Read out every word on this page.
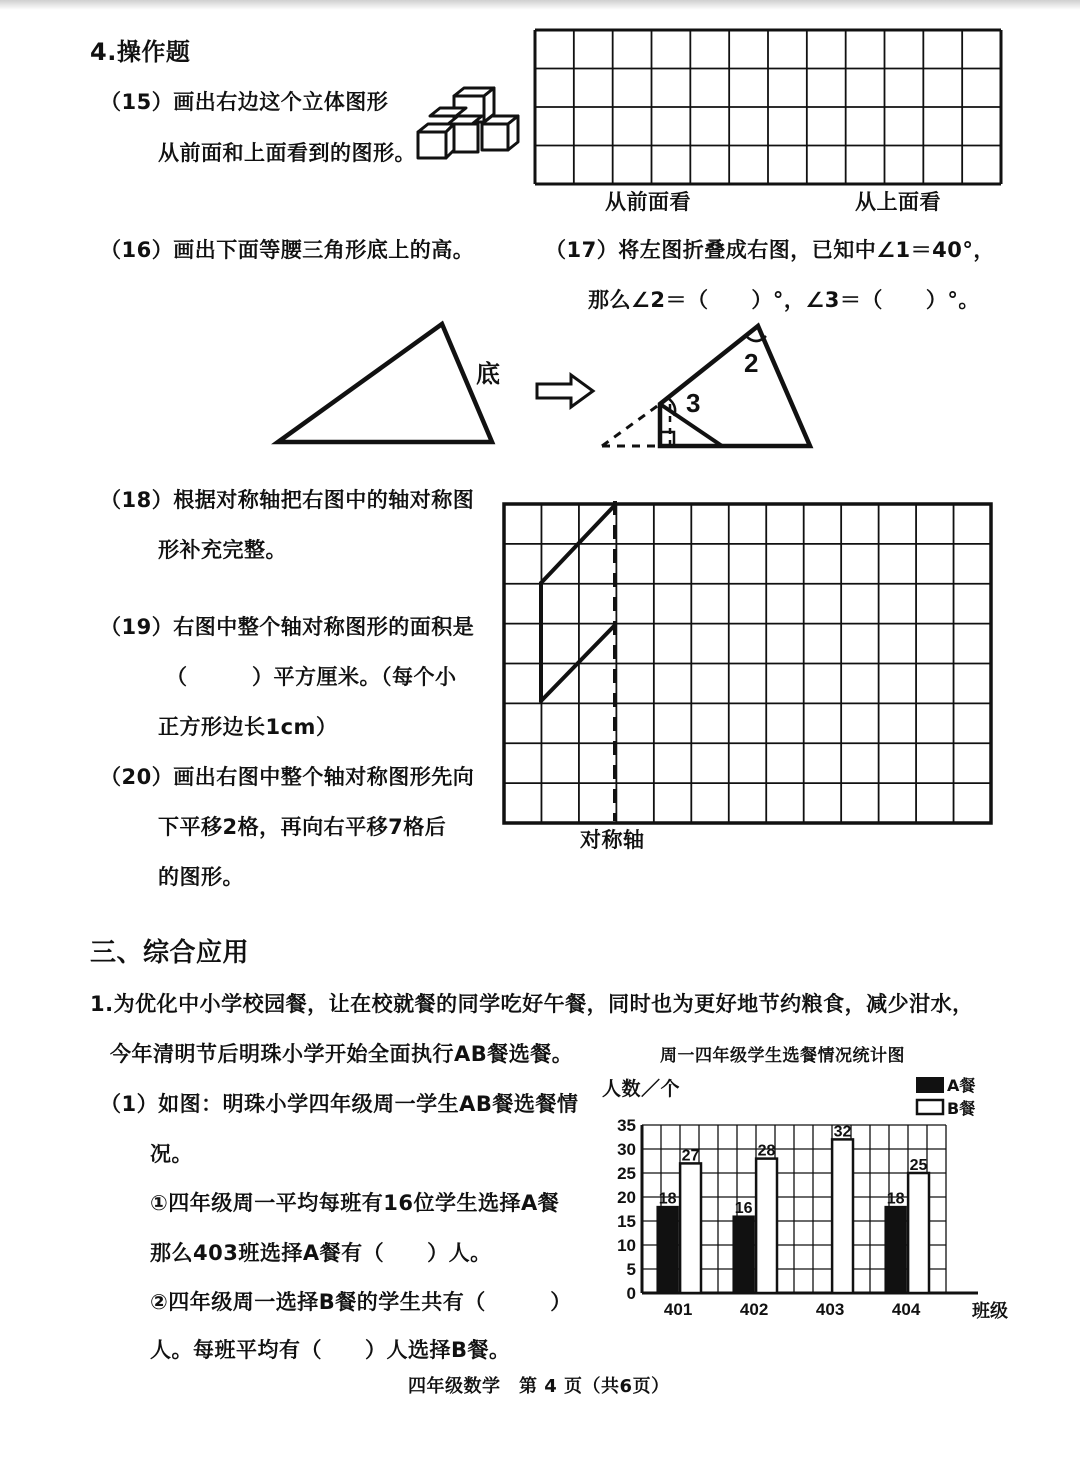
4.操作题
（15）画出右边这个立体图形
从前面和上面看到的图形。
从前面看	从上面看
（16）画出下面等腰三角形底上的高。
底
（17）将左图折叠成右图，已知中∠1＝40°，
那么∠2＝（　　）°，∠3＝（　　）°。
2
3
（18）根据对称轴把右图中的轴对称图
形补充完整。
（19）右图中整个轴对称图形的面积是
（　　　）平方厘米。（每个小
正方形边长1cm）
（20）画出右图中整个轴对称图形先向
下平移2格，再向右平移7格后
的图形。
对称轴
三、综合应用
1.为优化中小学校园餐，让在校就餐的同学吃好午餐，同时也为更好地节约粮食，减少泔水，
今年清明节后明珠小学开始全面执行AB餐选餐。
（1）如图：明珠小学四年级周一学生AB餐选餐情
况。
①四年级周一平均每班有16位学生选择A餐
那么403班选择A餐有（　　）人。
②四年级周一选择B餐的学生共有（　　　）
人。每班平均有（　　）人选择B餐。
周一四年级学生选餐情况统计图
人数／个	A餐
B餐
0
5
10
15
20
25
30
35
18
27
401
16
28
402
32
403
18
25
404	班级
四年级数学　第 4 页（共6页）
